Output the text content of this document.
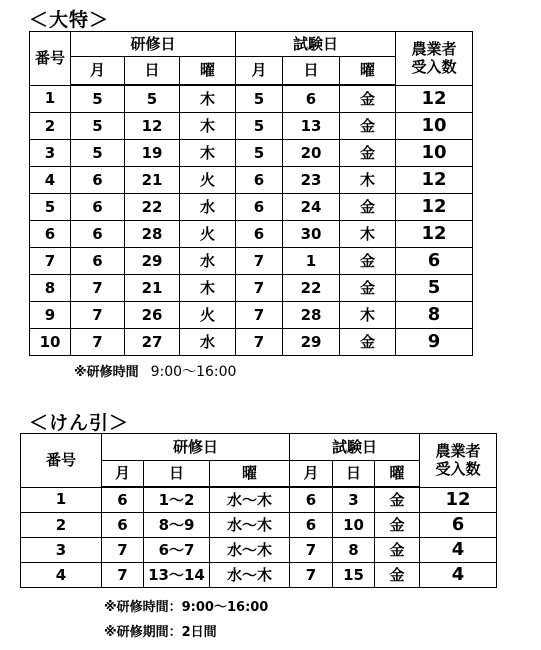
＜大特＞
番号	研修日			試験日			農業者受入数
	月	日	曜	月	日	曜	
1	5	5	木	5	6	金	12
2	5	12	木	5	13	金	10
3	5	19	木	5	20	金	10
4	6	21	火	6	23	木	12
5	6	22	水	6	24	金	12
6	6	28	火	6	30	木	12
7	6	29	水	7	1	金	6
8	7	21	木	7	22	金	5
9	7	26	火	7	28	木	8
10	7	27	水	7	29	金	9
※研修時間 9:00～16:00
＜けん引＞
番号	研修日			試験日			農業者受入数
	月	日	曜	月	日	曜	
1	6	1～2	水～木	6	3	金	12
2	6	8～9	水～木	6	10	金	6
3	7	6～7	水～木	7	8	金	4
4	7	13～14	水～木	7	15	金	4
※研修時間：9:00～16:00
※研修期間：2日間
